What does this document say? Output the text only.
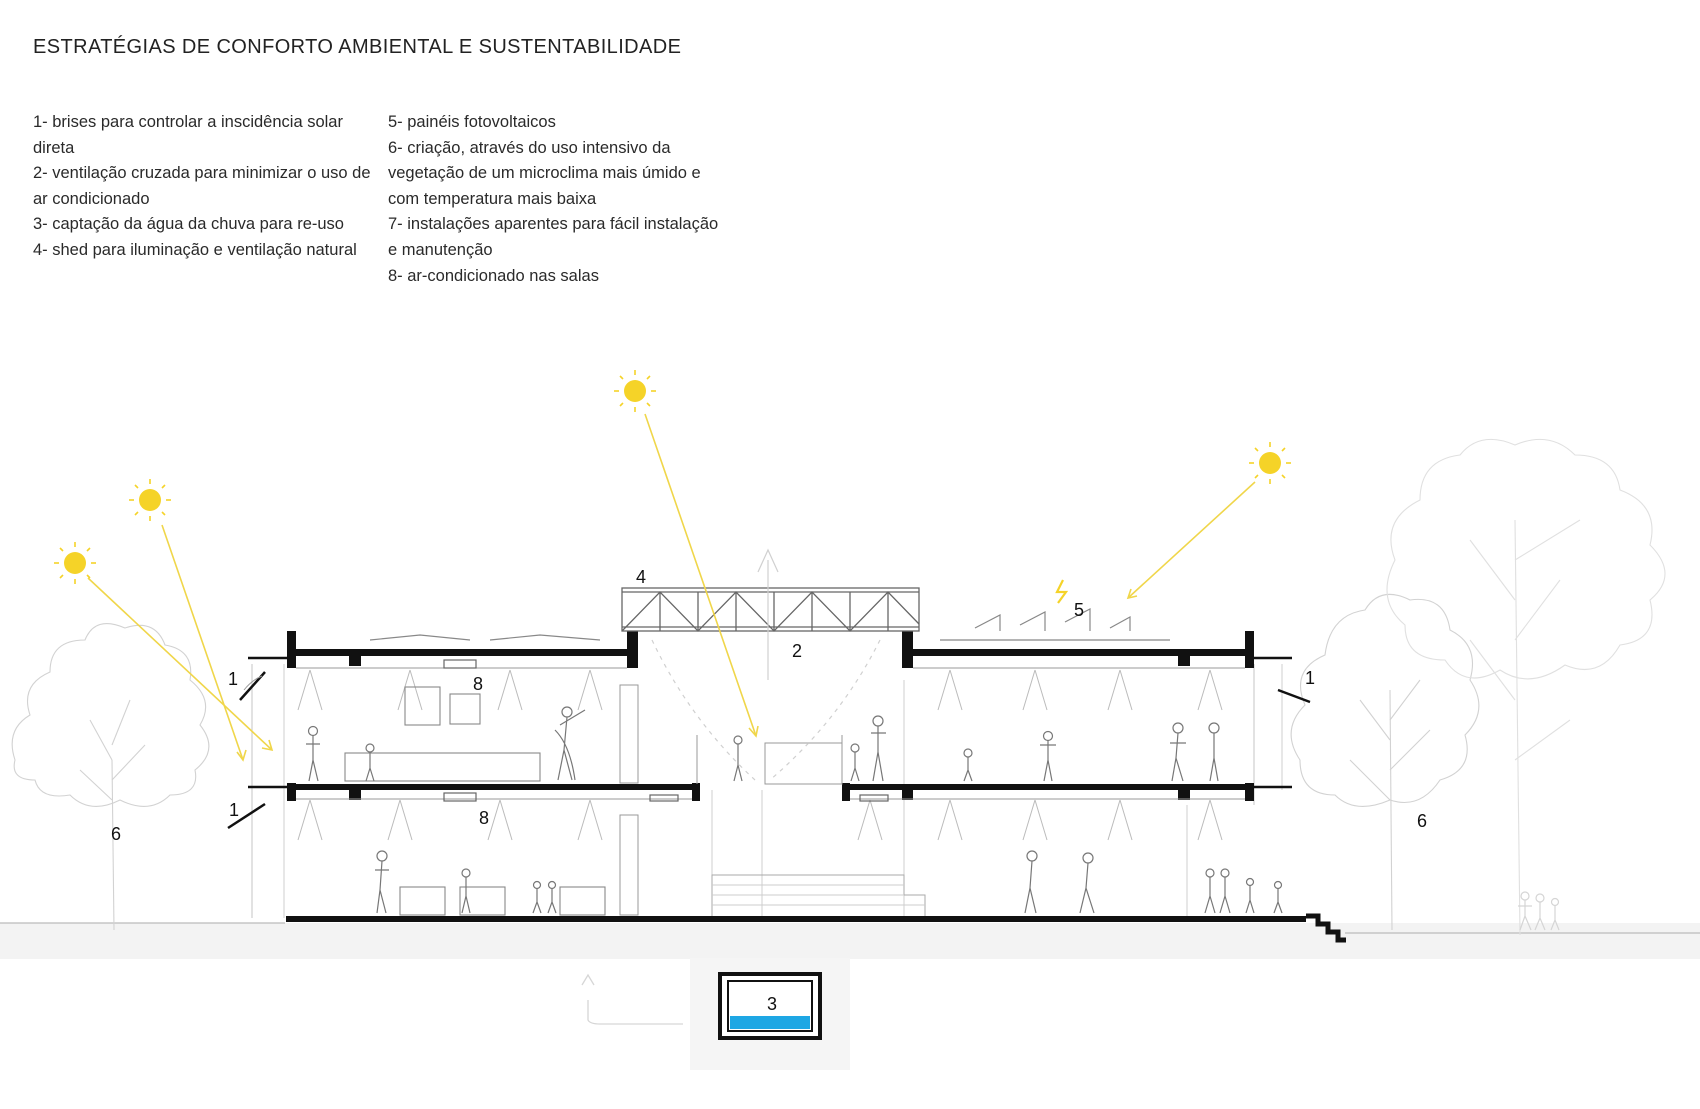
ESTRATÉGIAS DE CONFORTO AMBIENTAL E SUSTENTABILIDADE
1- brises para controlar a inscidência solar direta
2- ventilação cruzada para minimizar o uso de ar condicionado
3- captação da água da chuva para re-uso
4- shed para iluminação e ventilação natural
5- painéis fotovoltaicos
6- criação, através do uso intensivo da vegetação de um microclima mais úmido e com temperatura mais baixa
7- instalações aparentes para fácil instalação e manutenção
8- ar-condicionado nas salas
1
1
1
2
3
4
5
6
6
8
8
